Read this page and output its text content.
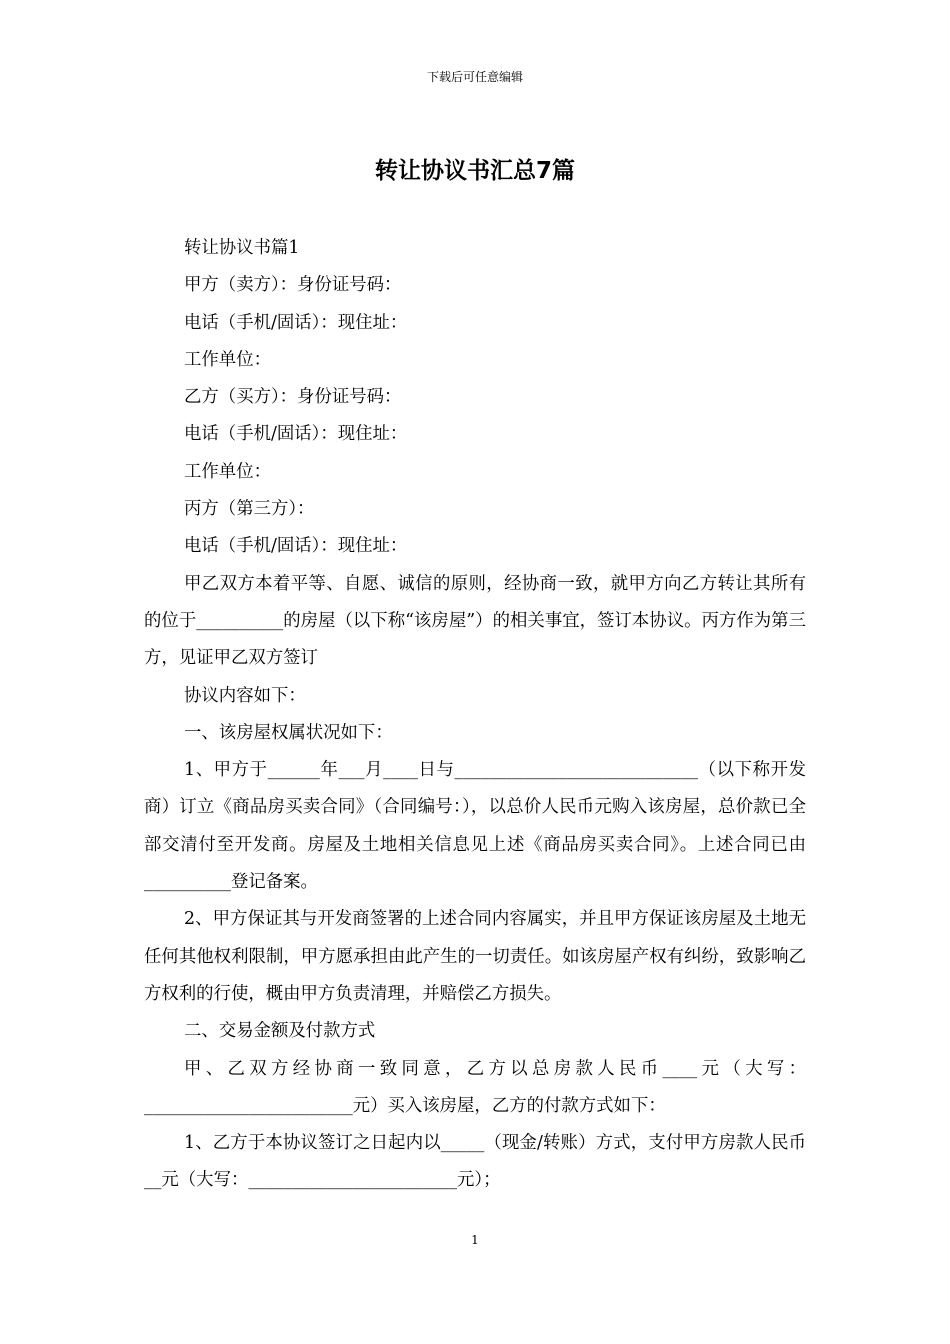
下载后可任意编辑
转让协议书汇总7篇

转让协议书篇1

甲方（卖方）：身份证号码：

电话（手机/固话）：现住址：

工作单位：

乙方（买方）：身份证号码：

电话（手机/固话）：现住址：

工作单位：

丙方（第三方）：

电话（手机/固话）：现住址：

甲乙双方本着平等、自愿、诚信的原则，经协商一致，就甲方向乙方转让其所有的位于__________的房屋（以下称“该房屋”）的相关事宜，签订本协议。丙方作为第三方，见证甲乙双方签订

协议内容如下：

一、该房屋权属状况如下：

1、甲方于______年___月____日与____________________________（以下称开发商）订立《商品房买卖合同》（合同编号：），以总价人民币元购入该房屋，总价款已全部交清付至开发商。房屋及土地相关信息见上述《商品房买卖合同》。上述合同已由__________登记备案。

2、甲方保证其与开发商签署的上述合同内容属实，并且甲方保证该房屋及土地无任何其他权利限制，甲方愿承担由此产生的一切责任。如该房屋产权有纠纷，致影响乙方权利的行使，概由甲方负责清理，并赔偿乙方损失。

二、交易金额及付款方式

甲、乙双方经协商一致同意，乙方以总房款人民币____元（大写：________________________元）买入该房屋，乙方的付款方式如下：

1、乙方于本协议签订之日起内以_____（现金/转账）方式，支付甲方房款人民币__元（大写：________________________元）；

1
